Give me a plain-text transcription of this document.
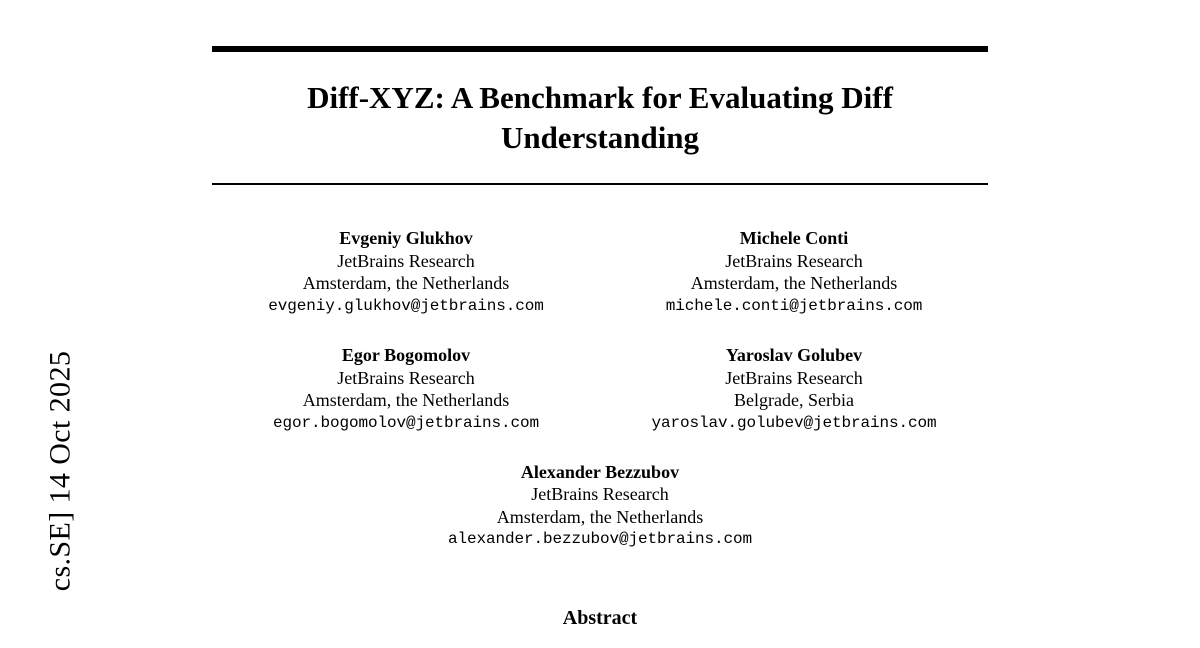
cs.SE] 14 Oct 2025
Diff-XYZ: A Benchmark for Evaluating Diff Understanding
Evgeniy Glukhov
JetBrains Research
Amsterdam, the Netherlands
evgeniy.glukhov@jetbrains.com
Michele Conti
JetBrains Research
Amsterdam, the Netherlands
michele.conti@jetbrains.com
Egor Bogomolov
JetBrains Research
Amsterdam, the Netherlands
egor.bogomolov@jetbrains.com
Yaroslav Golubev
JetBrains Research
Belgrade, Serbia
yaroslav.golubev@jetbrains.com
Alexander Bezzubov
JetBrains Research
Amsterdam, the Netherlands
alexander.bezzubov@jetbrains.com
Abstract
